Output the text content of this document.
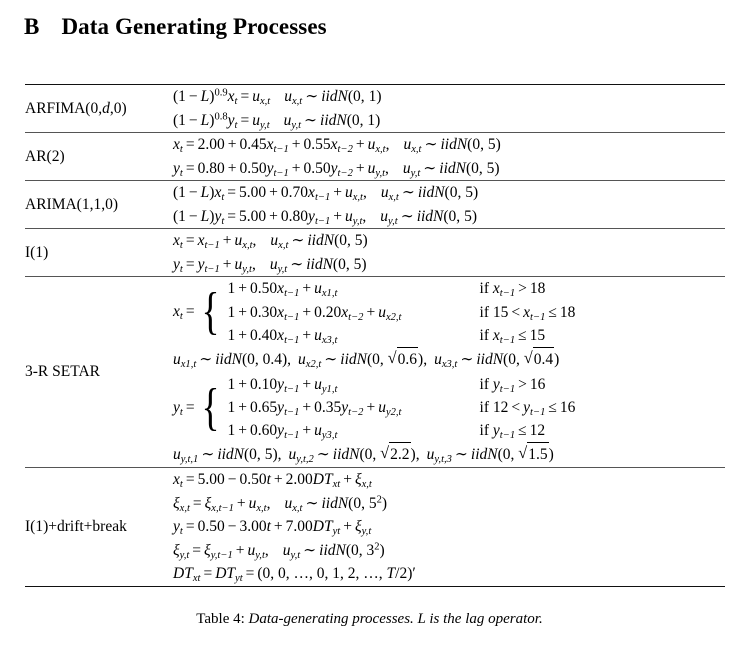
B Data Generating Processes
ARFIMA(0,d,0)	$(1 - L)^{0.9}x_t = u_{x,t}$ $u_{x,t}$ ∼ iidN(0, 1)
$(1 - L)^{0.8}y_t = u_{y,t}$ $u_{y,t}$ ∼ iidN(0, 1)

AR(2)	$x_t = 2.00 + 0.45x_{t-1} + 0.55x_{t-2} + u_{x,t}$, $u_{x,t}$ ∼ iidN(0, 5)
$y_t = 0.80 + 0.50y_{t-1} + 0.50y_{t-2} + u_{y,t}$, $u_{y,t}$ ∼ iidN(0, 5)

ARIMA(1,1,0)	$(1 - L)x_t = 5.00 + 0.70x_{t-1} + u_{x,t}$, $u_{x,t}$ ∼ iidN(0, 5)
$(1 - L)y_t = 5.00 + 0.80y_{t-1} + u_{y,t}$, $u_{y,t}$ ∼ iidN(0, 5)

I(1)	$x_t = x_{t-1} + u_{x,t}$, $u_{x,t}$ ∼ iidN(0, 5)
$y_t = y_{t-1} + u_{y,t}$, $u_{y,t}$ ∼ iidN(0, 5)

3-R SETAR	
$x_t$ = { $1 + 0.50x_{t-1} + u_{x1,t}$	if $x_{t-1} > 18$
$1 + 0.30x_{t-1} + 0.20x_{t-2} + u_{x2,t}$	if $15 < x_{t-1} \le 18$
$1 + 0.40x_{t-1} + u_{x3,t}$	if $x_{t-1} \le 15$
$u_{x1,t}$ ∼ iidN(0, 0.4), $u_{x2,t}$ ∼ iidN(0, √ 0.6), $u_{x3,t}$ ∼ iidN(0, √ 0.4)
$y_t$ = { $1 + 0.10y_{t-1} + u_{y1,t}$	if $y_{t-1} > 16$
$1 + 0.65y_{t-1} + 0.35y_{t-2} + u_{y2,t}$	if $12 < y_{t-1} \le 16$
$1 + 0.60y_{t-1} + u_{y3,t}$	if $y_{t-1} \le 12$
$u_{y,t,1}$ ∼ iidN(0, 5), $u_{y,t,2}$ ∼ iidN(0, √ 2.2), $u_{y,t,3}$ ∼ iidN(0, √ 1.5)

I(1)+drift+break	$x_t = 5.00 - 0.50t + 2.00DT_{xt} + \xi_{x,t}$
$\xi_{x,t} = \xi_{x,t-1} + u_{x,t}$, $u_{x,t}$ ∼ iidN(0, $5^2$)
$y_t = 0.50 - 3.00t + 7.00DT_{yt} + \xi_{y,t}$
$\xi_{y,t} = \xi_{y,t-1} + u_{y,t}$, $u_{y,t}$ ∼ iidN(0, $3^2$)
$DT_{xt} = DT_{yt} = (0$, 0, …, 0, 1, 2, …, T/2)′

Table 4: Data-generating processes. L is the lag operator.
